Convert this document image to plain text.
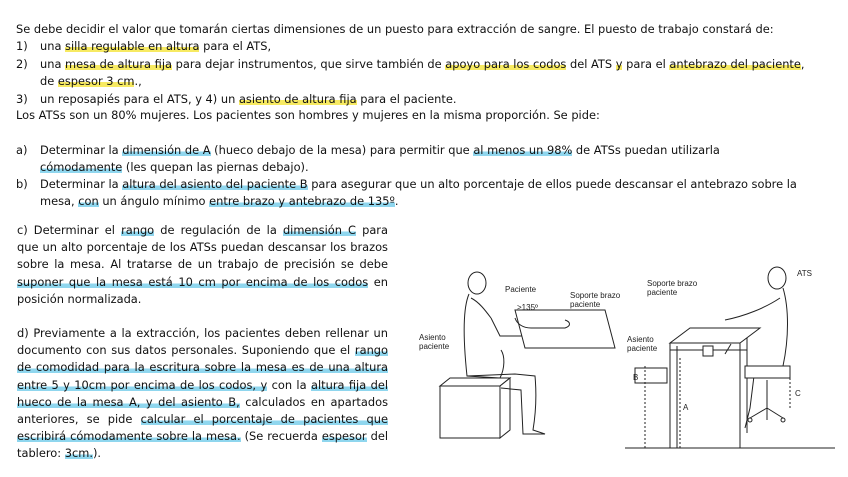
Se debe decidir el valor que tomarán ciertas dimensiones de un puesto para extracción de sangre. El puesto de trabajo constará de:
1) una silla regulable en altura para el ATS,
2) una mesa de altura fija para dejar instrumentos, que sirve también de apoyo para los codos del ATS y para el antebrazo del paciente,
de espesor 3 cm.,
3) un reposapiés para el ATS, y 4) un asiento de altura fija para el paciente.
Los ATSs son un 80% mujeres. Los pacientes son hombres y mujeres en la misma proporción. Se pide:
a) Determinar la dimensión de A (hueco debajo de la mesa) para permitir que al menos un 98% de ATSs puedan utilizarla
cómodamente (les quepan las piernas debajo).
b) Determinar la altura del asiento del paciente B para asegurar que un alto porcentaje de ellos puede descansar el antebrazo sobre la
mesa, con un ángulo mínimo entre brazo y antebrazo de 135º.
c) Determinar el rango de regulación de la dimensión C para que un alto porcentaje de los ATSs puedan descansar los brazos sobre la mesa. Al tratarse de un trabajo de precisión se debe suponer que la mesa está 10 cm por encima de los codos en posición normalizada.
d) Previamente a la extracción, los pacientes deben rellenar un documento con sus datos personales. Suponiendo que el rango de comodidad para la escritura sobre la mesa es de una altura entre 5 y 10cm por encima de los codos, y con la altura fija del hueco de la mesa A, y del asiento B, calculados en apartados anteriores, se pide calcular el porcentaje de pacientes que escribirá cómodamente sobre la mesa. (Se recuerda espesor del tablero: 3cm.).
Paciente
>135º
Soporte brazo
paciente
Asiento
paciente
Soporte brazo
paciente
Asiento
paciente
ATS
A
B
C
